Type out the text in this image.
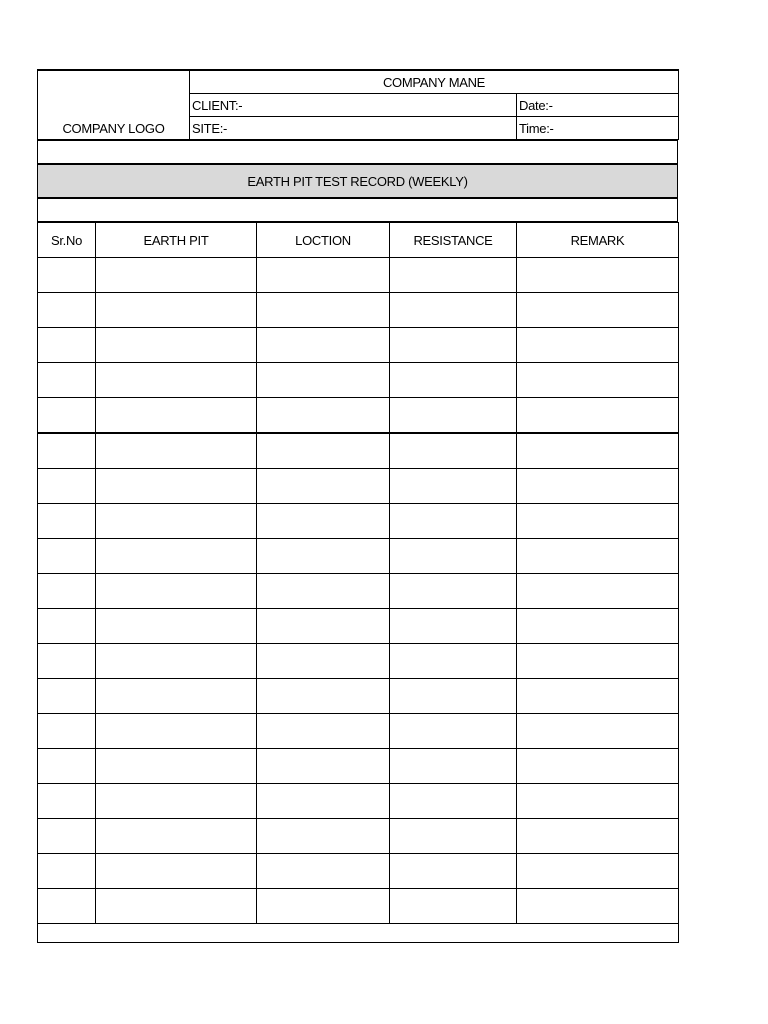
COMPANY LOGO	COMPANY MANE	
	CLIENT:-	Date:-
	SITE:-	Time:-
EARTH PIT TEST RECORD (WEEKLY)
Sr.No	EARTH PIT	LOCTION	RESISTANCE	REMARK
